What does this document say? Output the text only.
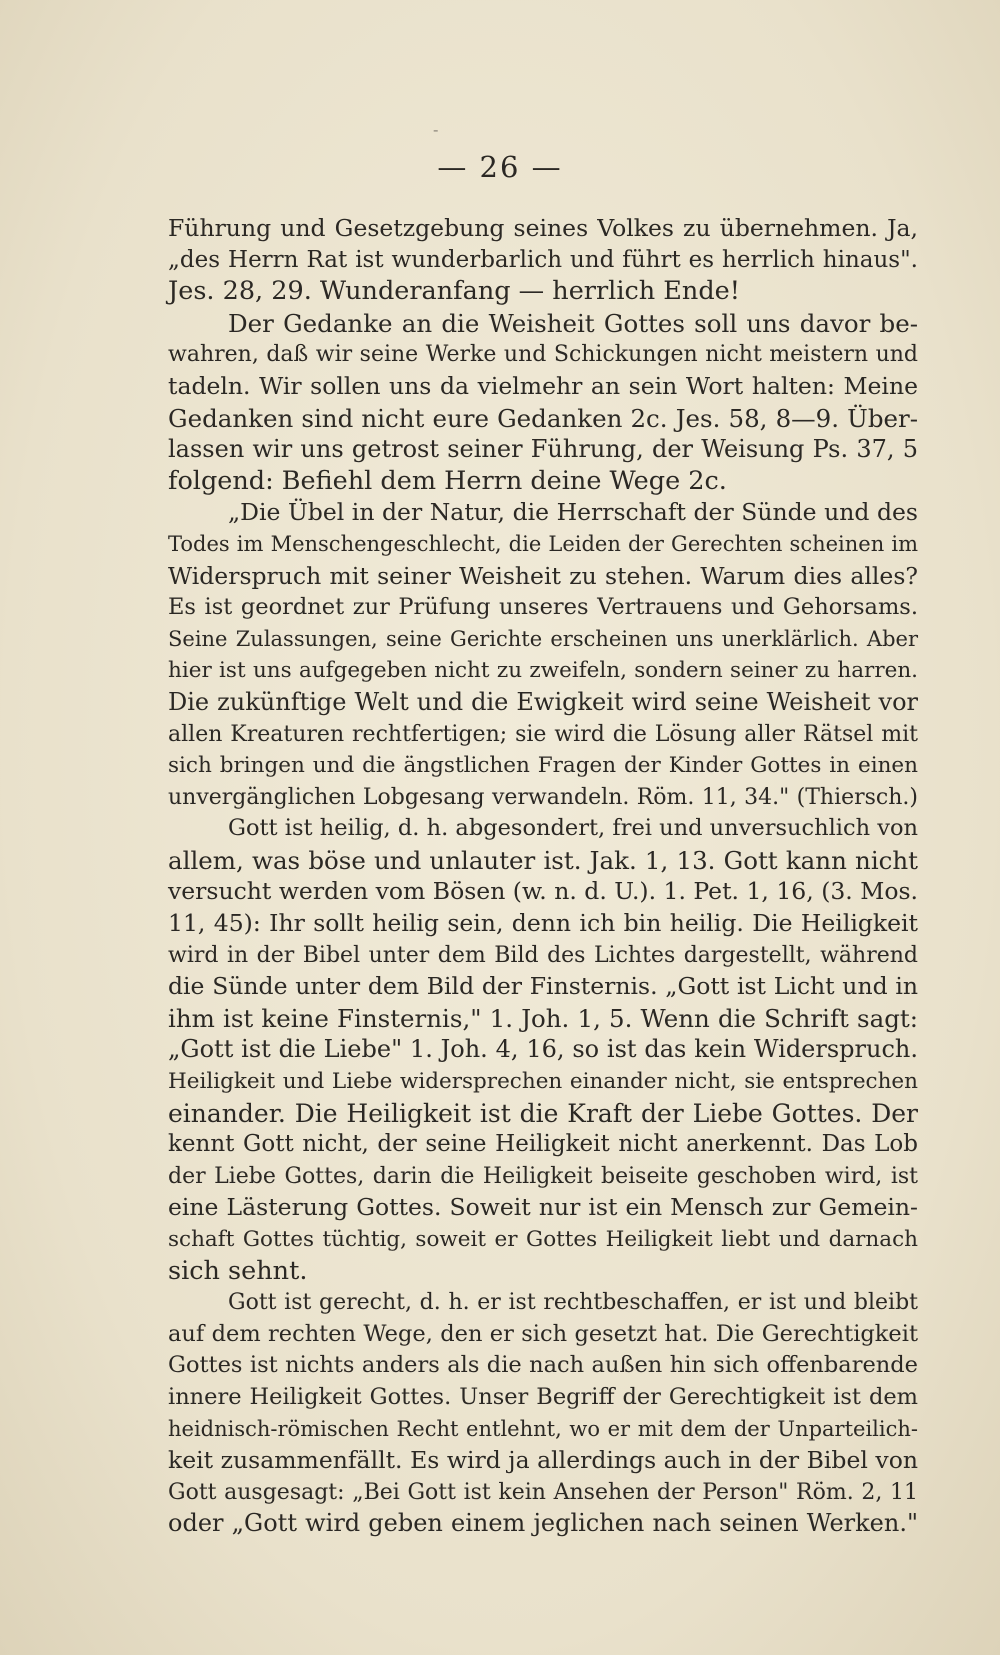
-
— 26 —
Führung und Gesetzgebung seines Volkes zu übernehmen. Ja,
„des Herrn Rat ist wunderbarlich und führt es herrlich hinaus".
Jes. 28, 29. Wunderanfang — herrlich Ende!
Der Gedanke an die Weisheit Gottes soll uns davor be-
wahren, daß wir seine Werke und Schickungen nicht meistern und
tadeln. Wir sollen uns da vielmehr an sein Wort halten: Meine
Gedanken sind nicht eure Gedanken 2c. Jes. 58, 8—9. Über-
lassen wir uns getrost seiner Führung, der Weisung Ps. 37, 5
folgend: Befiehl dem Herrn deine Wege 2c.
„Die Übel in der Natur, die Herrschaft der Sünde und des
Todes im Menschengeschlecht, die Leiden der Gerechten scheinen im
Widerspruch mit seiner Weisheit zu stehen. Warum dies alles?
Es ist geordnet zur Prüfung unseres Vertrauens und Gehorsams.
Seine Zulassungen, seine Gerichte erscheinen uns unerklärlich. Aber
hier ist uns aufgegeben nicht zu zweifeln, sondern seiner zu harren.
Die zukünftige Welt und die Ewigkeit wird seine Weisheit vor
allen Kreaturen rechtfertigen; sie wird die Lösung aller Rätsel mit
sich bringen und die ängstlichen Fragen der Kinder Gottes in einen
unvergänglichen Lobgesang verwandeln. Röm. 11, 34." (Thiersch.)
Gott ist heilig, d. h. abgesondert, frei und unversuchlich von
allem, was böse und unlauter ist. Jak. 1, 13. Gott kann nicht
versucht werden vom Bösen (w. n. d. U.). 1. Pet. 1, 16, (3. Mos.
11, 45): Ihr sollt heilig sein, denn ich bin heilig. Die Heiligkeit
wird in der Bibel unter dem Bild des Lichtes dargestellt, während
die Sünde unter dem Bild der Finsternis. „Gott ist Licht und in
ihm ist keine Finsternis," 1. Joh. 1, 5. Wenn die Schrift sagt:
„Gott ist die Liebe" 1. Joh. 4, 16, so ist das kein Widerspruch.
Heiligkeit und Liebe widersprechen einander nicht, sie entsprechen
einander. Die Heiligkeit ist die Kraft der Liebe Gottes. Der
kennt Gott nicht, der seine Heiligkeit nicht anerkennt. Das Lob
der Liebe Gottes, darin die Heiligkeit beiseite geschoben wird, ist
eine Lästerung Gottes. Soweit nur ist ein Mensch zur Gemein-
schaft Gottes tüchtig, soweit er Gottes Heiligkeit liebt und darnach
sich sehnt.
Gott ist gerecht, d. h. er ist rechtbeschaffen, er ist und bleibt
auf dem rechten Wege, den er sich gesetzt hat. Die Gerechtigkeit
Gottes ist nichts anders als die nach außen hin sich offenbarende
innere Heiligkeit Gottes. Unser Begriff der Gerechtigkeit ist dem
heidnisch-römischen Recht entlehnt, wo er mit dem der Unparteilich-
keit zusammenfällt. Es wird ja allerdings auch in der Bibel von
Gott ausgesagt: „Bei Gott ist kein Ansehen der Person" Röm. 2, 11
oder „Gott wird geben einem jeglichen nach seinen Werken."
